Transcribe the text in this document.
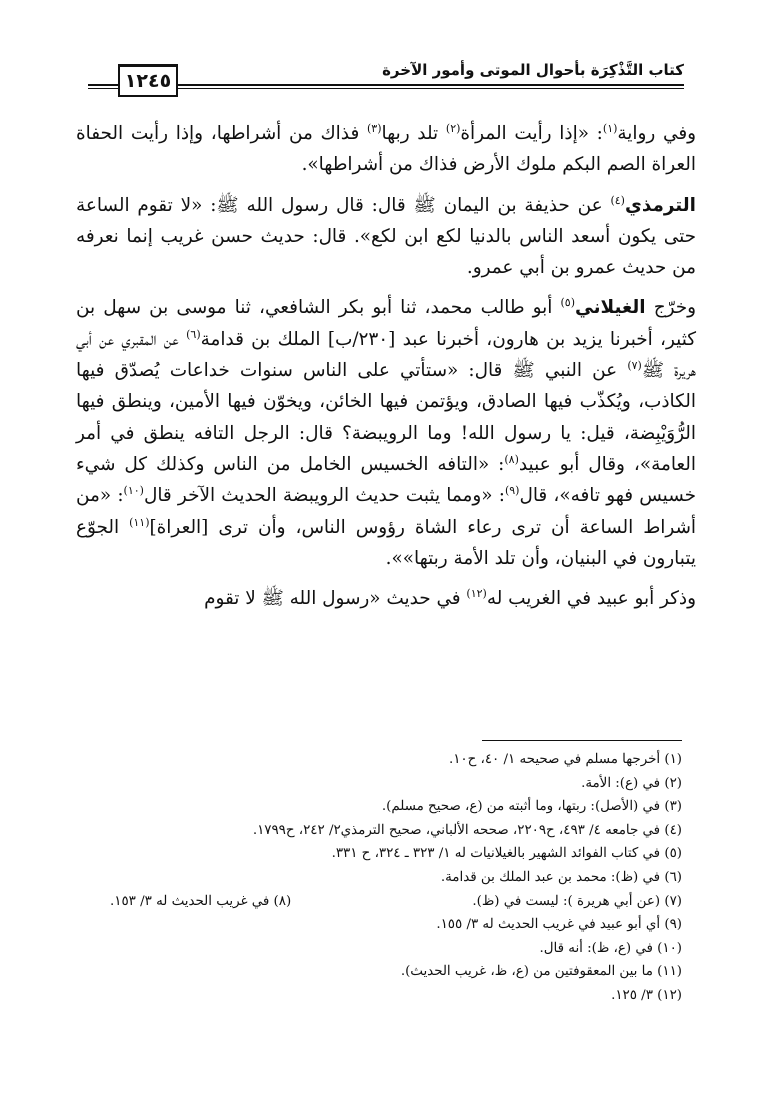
١٢٤٥	كتاب التَّذْكِرَة بأحوال الموتى وأمور الآخرة

وفي رواية$^{(١)}$: «إذا رأيت المرأة$^{(٢)}$ تلد ربها$^{(٣)}$ فذاك من أشراطها، وإذا رأيت الحفاة العراة الصم البكم ملوك الأرض فذاك من أشراطها».

الترمذي$^{(٤)}$ عن حذيفة بن اليمان ﷺ قال: قال رسول الله ﷺ: «لا تقوم الساعة حتى يكون أسعد الناس بالدنيا لكع ابن لكع». قال: حديث حسن غريب إنما نعرفه من حديث عمرو بن أبي عمرو.

وخرّج الغيلاني$^{(٥)}$ أبو طالب محمد، ثنا أبو بكر الشافعي، ثنا موسى بن سهل بن كثير، أخبرنا يزيد بن هارون، أخبرنا عبد [٢٣٠/ب] الملك بن قدامة$^{(٦)}$ عن المقبري عن أبي هريرة ﷺ$^{(٧)}$ عن النبي ﷺ قال: «ستأتي على الناس سنوات خداعات يُصدّق فيها الكاذب، ويُكذّب فيها الصادق، ويؤتمن فيها الخائن، ويخوّن فيها الأمين، وينطق فيها الرُّوَيْبِضة، قيل: يا رسول الله! وما الرويبضة؟ قال: الرجل التافه ينطق في أمر العامة»، وقال أبو عبيد$^{(٨)}$: «التافه الخسيس الخامل من الناس وكذلك كل شيء خسيس فهو تافه»، قال$^{(٩)}$: «ومما يثبت حديث الرويبضة الحديث الآخر قال$^{(١٠)}$: «من أشراط الساعة أن ترى رعاء الشاة رؤوس الناس، وأن ترى [العراة]$^{(١١)}$ الجوّع يتبارون في البنيان، وأن تلد الأمة ربتها»».

وذكر أبو عبيد في الغريب له$^{(١٢)}$ في حديث «رسول الله ﷺ لا تقوم

(١) أخرجها مسلم في صحيحه ١/ ٤٠، ح١٠.
(٢) في (ع): الأمة.
(٣) في (الأصل): ربتها، وما أثبته من (ع، صحيح مسلم).
(٤) في جامعه ٤/ ٤٩٣، ح٢٢٠٩، صححه الألباني، صحيح الترمذي٢/ ٢٤٢، ح١٧٩٩.
(٥) في كتاب الفوائد الشهير بالغيلانيات له ١/ ٣٢٣ ـ ٣٢٤، ح ٣٣١.
(٦) في (ظ): محمد بن عبد الملك بن قدامة.
(٧) (عن أبي هريرة ): ليست في (ظ).
(٨) في غريب الحديث له ٣/ ١٥٣.
(٩) أي أبو عبيد في غريب الحديث له ٣/ ١٥٥.
(١٠) في (ع، ظ): أنه قال.
(١١) ما بين المعقوفتين من (ع، ظ، غريب الحديث).
(١٢) ٣/ ١٢٥.
